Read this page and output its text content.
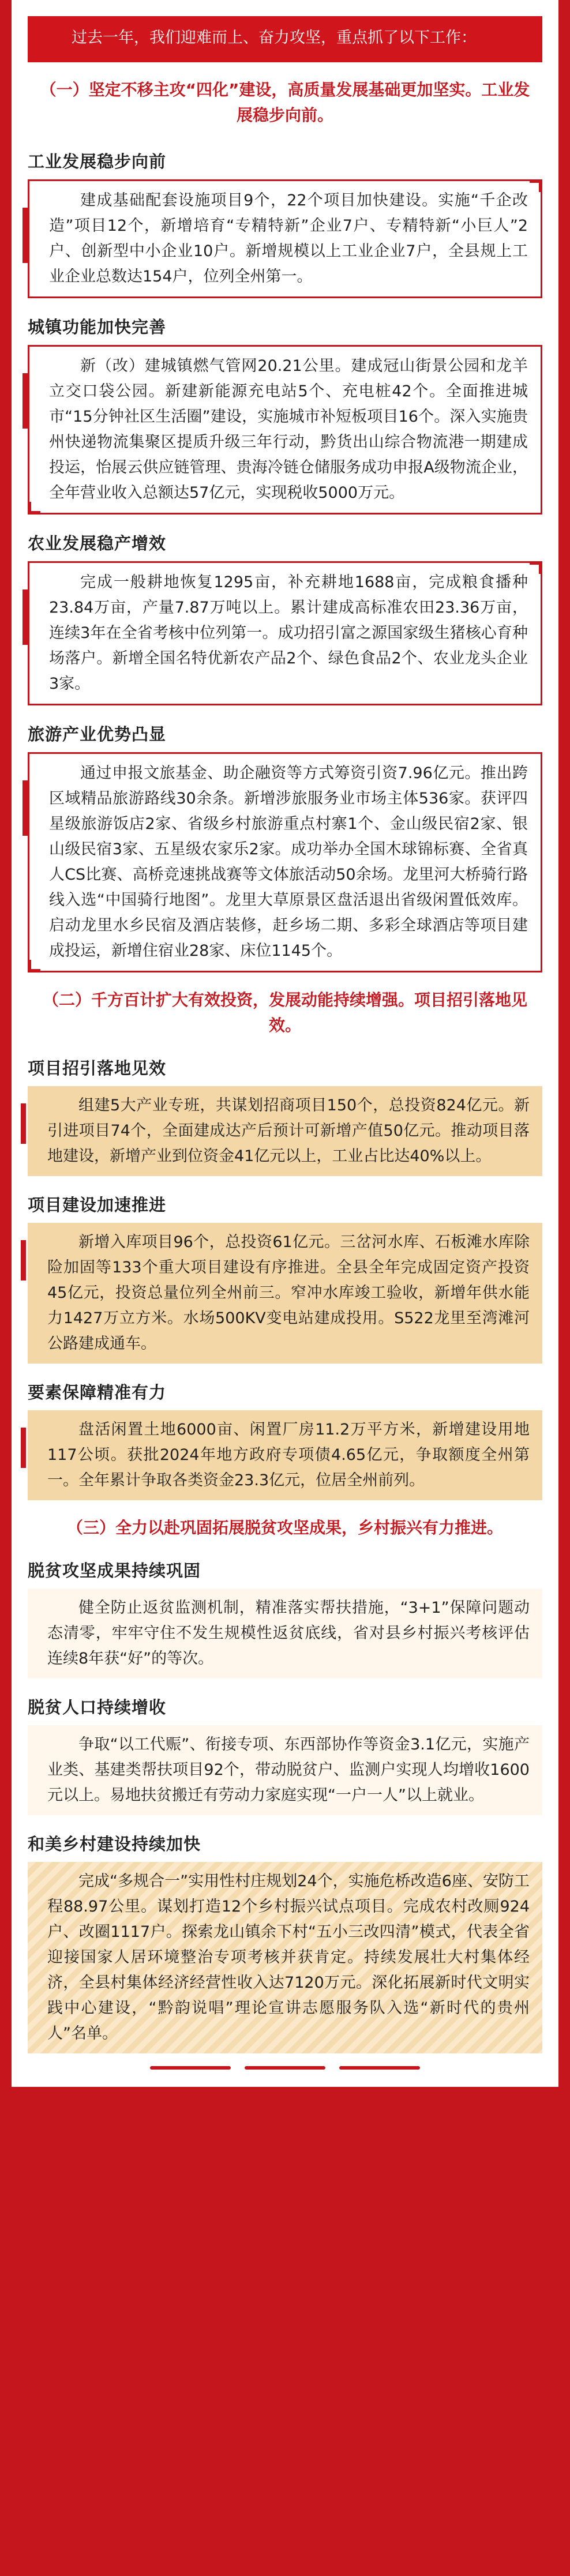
过去一年，我们迎难而上、奋力攻坚，重点抓了以下工作：
（一）坚定不移主攻“四化”建设，高质量发展基础更加坚实。工业发展稳步向前。
工业发展稳步向前
建成基础配套设施项目9个，22个项目加快建设。实施“千企改造”项目12个，新增培育“专精特新”企业7户、专精特新“小巨人”2户、创新型中小企业10户。新增规模以上工业企业7户，全县规上工业企业总数达154户，位列全州第一。
城镇功能加快完善
新（改）建城镇燃气管网20.21公里。建成冠山街景公园和龙羊立交口袋公园。新建新能源充电站5个、充电桩42个。全面推进城市“15分钟社区生活圈”建设，实施城市补短板项目16个。深入实施贵州快递物流集聚区提质升级三年行动，黔货出山综合物流港一期建成投运，怡展云供应链管理、贵海冷链仓储服务成功申报A级物流企业，全年营业收入总额达57亿元，实现税收5000万元。
农业发展稳产增效
完成一般耕地恢复1295亩，补充耕地1688亩，完成粮食播种23.84万亩，产量7.87万吨以上。累计建成高标准农田23.36万亩，连续3年在全省考核中位列第一。成功招引富之源国家级生猪核心育种场落户。新增全国名特优新农产品2个、绿色食品2个、农业龙头企业3家。
旅游产业优势凸显
通过申报文旅基金、助企融资等方式筹资引资7.96亿元。推出跨区域精品旅游路线30余条。新增涉旅服务业市场主体536家。获评四星级旅游饭店2家、省级乡村旅游重点村寨1个、金山级民宿2家、银山级民宿3家、五星级农家乐2家。成功举办全国木球锦标赛、全省真人CS比赛、高桥竞速挑战赛等文体旅活动50余场。龙里河大桥骑行路线入选“中国骑行地图”。龙里大草原景区盘活退出省级闲置低效库。启动龙里水乡民宿及酒店装修，赶乡场二期、多彩全球酒店等项目建成投运，新增住宿业28家、床位1145个。
（二）千方百计扩大有效投资，发展动能持续增强。项目招引落地见效。
项目招引落地见效
组建5大产业专班，共谋划招商项目150个，总投资824亿元。新引进项目74个，全面建成达产后预计可新增产值50亿元。推动项目落地建设，新增产业到位资金41亿元以上，工业占比达40%以上。
项目建设加速推进
新增入库项目96个，总投资61亿元。三岔河水库、石板滩水库除险加固等133个重大项目建设有序推进。全县全年完成固定资产投资45亿元，投资总量位列全州前三。窄冲水库竣工验收，新增年供水能力1427万立方米。水场500KV变电站建成投用。S522龙里至湾滩河公路建成通车。
要素保障精准有力
盘活闲置土地6000亩、闲置厂房11.2万平方米，新增建设用地117公顷。获批2024年地方政府专项债4.65亿元，争取额度全州第一。全年累计争取各类资金23.3亿元，位居全州前列。
（三）全力以赴巩固拓展脱贫攻坚成果，乡村振兴有力推进。
脱贫攻坚成果持续巩固
健全防止返贫监测机制，精准落实帮扶措施，“3+1”保障问题动态清零，牢牢守住不发生规模性返贫底线，省对县乡村振兴考核评估连续8年获“好”的等次。
脱贫人口持续增收
争取“以工代赈”、衔接专项、东西部协作等资金3.1亿元，实施产业类、基建类帮扶项目92个，带动脱贫户、监测户实现人均增收1600元以上。易地扶贫搬迁有劳动力家庭实现“一户一人”以上就业。
和美乡村建设持续加快
完成“多规合一”实用性村庄规划24个，实施危桥改造6座、安防工程88.97公里。谋划打造12个乡村振兴试点项目。完成农村改厕924户、改圈1117户。探索龙山镇余下村“五小三改四清”模式，代表全省迎接国家人居环境整治专项考核并获肯定。持续发展壮大村集体经济，全县村集体经济经营性收入达7120万元。深化拓展新时代文明实践中心建设，“黔韵说唱”理论宣讲志愿服务队入选“新时代的贵州人”名单。
